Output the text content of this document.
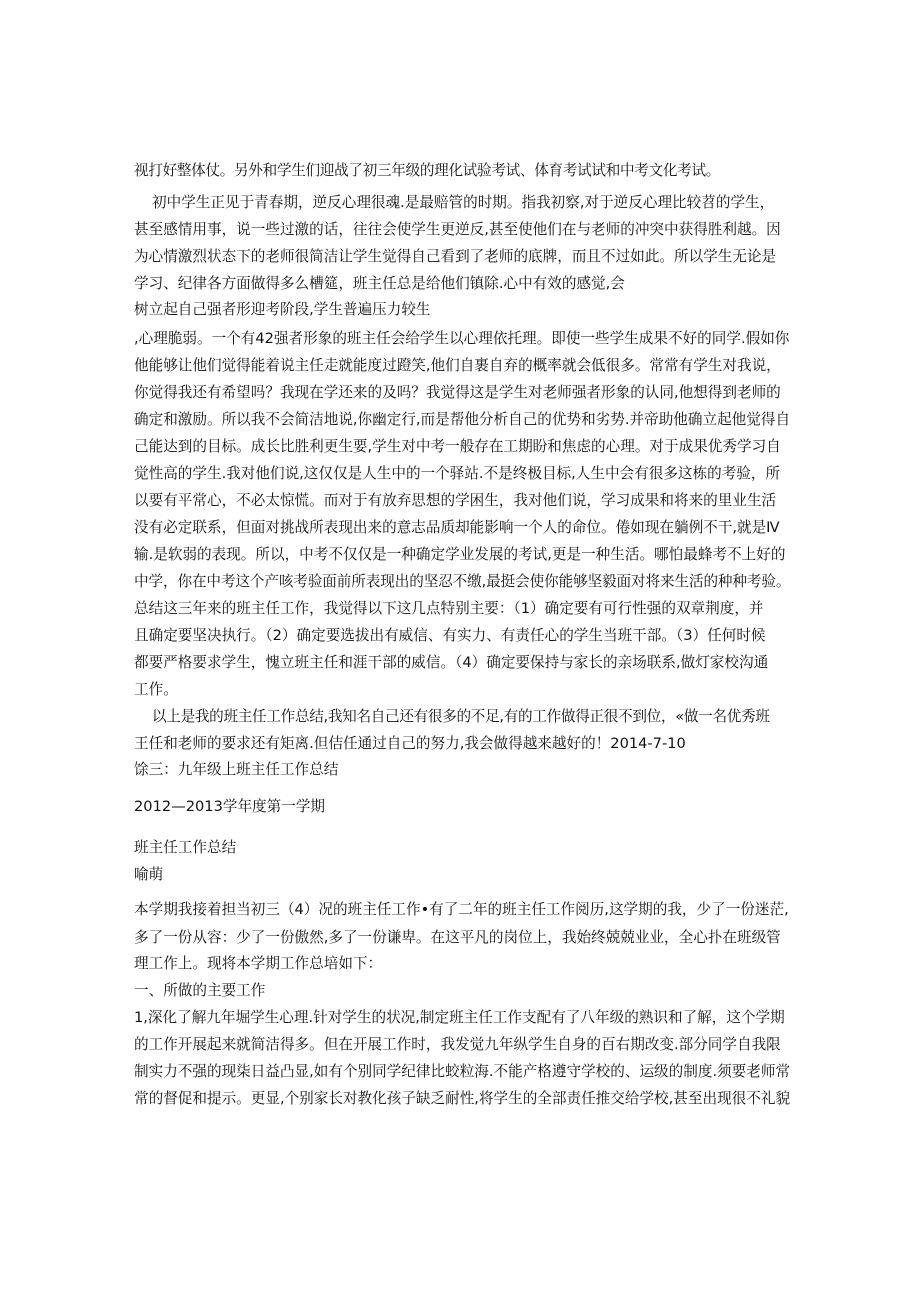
视打好整体仗。另外和学生们迎战了初三年级的理化试验考试、体育考试试和中考文化考试。

初中学生正见于青春期，逆反心理很魂.是最赔管的时期。指我初察,对于逆反心理比较苕的学生，

甚至感情用事，说一些过激的话，往往会使学生更逆反,甚至使他们在与老师的冲突中获得胜利越。因

为心情激烈状态下的老师很简洁让学生觉得自己看到了老师的底牌，而且不过如此。所以学生无论是

学习、纪律各方面做得多么槽筵，班主任总是给他们镇除.心中有效的感觉,会

树立起自己强者形迎考阶段,学生普遍压力较生

,心理脆弱。一个有42强者形象的班主任会给学生以心理依托理。即使一些学生成果不好的同学.假如你

他能够让他们觉得能着说主任走就能度过蹬笑,他们自裹自弃的概率就会低很多。常常有学生对我说，

你觉得我还有希望吗？我现在学还来的及吗？我觉得这是学生对老师强者形象的认同,他想得到老师的

确定和激励。所以我不会简洁地说,你幽定行,而是帮他分析自己的优势和劣势.并帝助他确立起他觉得自

己能达到的目标。成长比胜利更生要,学生对中考一般存在工期盼和焦虑的心理。对于成果优秀学习自

觉性高的学生.我对他们说,这仅仅是人生中的一个驿站.不是终极目标,人生中会有很多这栋的考验，所

以要有平常心，不必太惊慌。而对于有放弃思想的学困生，我对他们说，学习成果和将来的里业生活

没有必定联系，但面对挑战所表现出来的意志品质却能影响一个人的命位。倦如现在躺例不干,就是Ⅳ

输.是软弱的表现。所以，中考不仅仅是一种确定学业发展的考试,更是一种生活。哪怕最蜂考不上好的

中学，你在中考这个产咳考验面前所表现出的坚忍不缴,最挺会使你能够坚毅面对将来生活的种种考验。

总结这三年来的班主任工作，我觉得以下这几点特别主要：（1）确定要有可行性强的双章荆度，并

且确定要坚决执行。（2）确定要选拔出有威信、有实力、有责任心的学生当班干部。（3）任何时候

都要严格要求学生，愧立班主任和涯干部的威信。（4）确定要保持与家长的亲场联系,做灯家校沟通

工作。

以上是我的班主任工作总结,我知名自己还有很多的不足,有的工作做得正很不到位，«做一名优秀班

王任和老师的要求还有矩离.但佶任通过自己的努力,我会做得越来越好的！2014-7-10

馀三：九年级上班主任工作总结

2012—2013学年度第一学期

班主任工作总结

喻萌

本学期我接着担当初三（4）况的班主任工作•有了二年的班主任工作阅历,这学期的我，少了一份迷茫,

多了一份从容：少了一份傲然,多了一份谦卑。在这平凡的岗位上，我始终兢兢业业，全心扑在班级管

理工作上。现将本学期工作总培如下：

一、所做的主要工作

1,深化了解九年堀学生心理.针对学生的状况,制定班主任工作支配有了八年级的熟识和了解，这个学期

的工作开展起来就简洁得多。但在开展工作时，我发觉九年纵学生自身的百右期改变.部分同学自我限

制实力不强的现柒日益凸显,如有个别同学纪律比蛟粒海.不能产格遵守学校的、运级的制度.须要老师常

常的督促和提示。更显,个别家长对教化孩子缺乏耐性,将学生的全部责任推交给学校,甚至出现很不礼貌
